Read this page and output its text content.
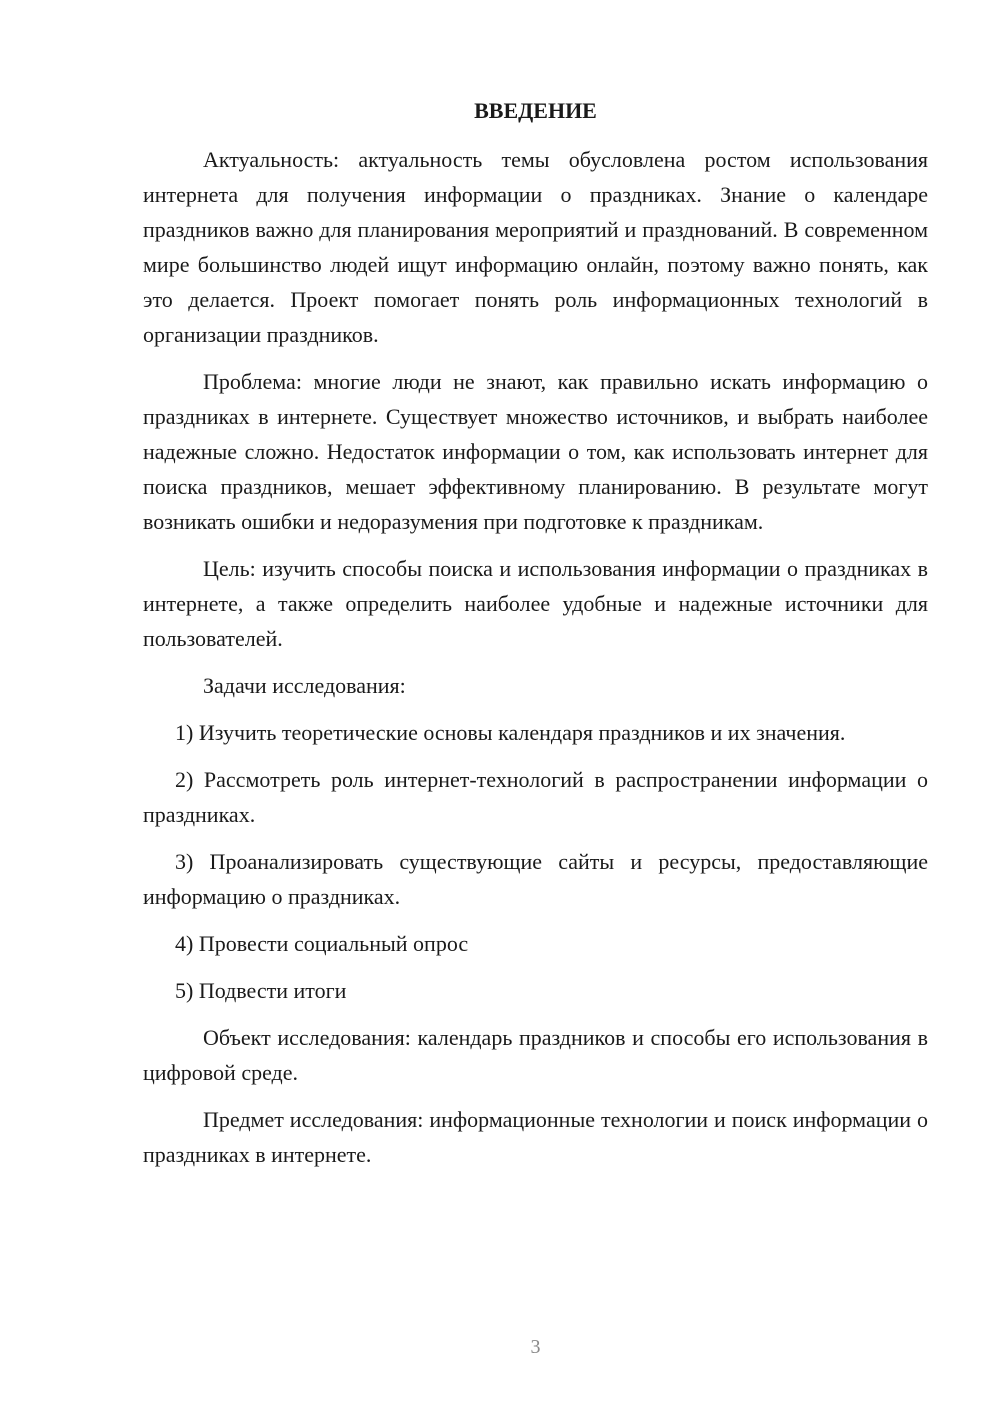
ВВЕДЕНИЕ

Актуальность: актуальность темы обусловлена ростом использования интернета для получения информации о праздниках. Знание о календаре праздников важно для планирования мероприятий и празднований. В современном мире большинство людей ищут информацию онлайн, поэтому важно понять, как это делается. Проект помогает понять роль информационных технологий в организации праздников.

Проблема: многие люди не знают, как правильно искать информацию о праздниках в интернете. Существует множество источников, и выбрать наиболее надежные сложно. Недостаток информации о том, как использовать интернет для поиска праздников, мешает эффективному планированию. В результате могут возникать ошибки и недоразумения при подготовке к праздникам.

Цель: изучить способы поиска и использования информации о праздниках в интернете, а также определить наиболее удобные и надежные источники для пользователей.

Задачи исследования:

1) Изучить теоретические основы календаря праздников и их значения.

2) Рассмотреть роль интернет-технологий в распространении информации о праздниках.

3) Проанализировать существующие сайты и ресурсы, предоставляющие информацию о праздниках.

4) Провести социальный опрос

5) Подвести итоги

Объект исследования: календарь праздников и способы его использования в цифровой среде.

Предмет исследования: информационные технологии и поиск информации о праздниках в интернете.

3
